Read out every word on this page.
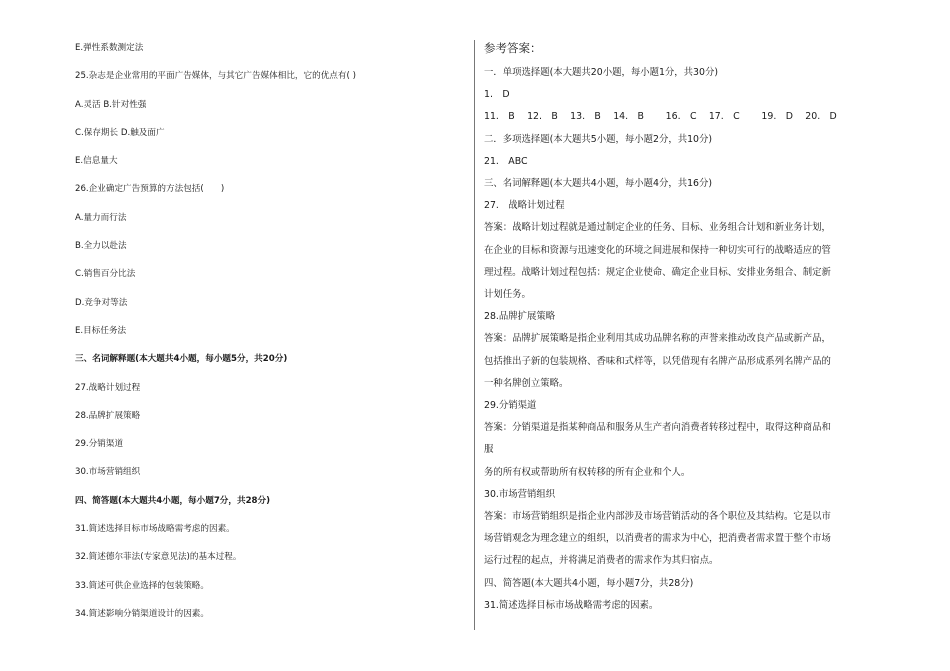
E.弹性系数测定法
25.杂志是企业常用的平面广告媒体，与其它广告媒体相比，它的优点有( )
A.灵活 B.针对性强
C.保存期长 D.触及面广
E.信息量大
26.企业确定广告预算的方法包括(　　)
A.量力而行法
B.全力以赴法
C.销售百分比法
D.竞争对等法
E.目标任务法
三、名词解释题(本大题共4小题，每小题5分，共20分)
27.战略计划过程
28.品牌扩展策略
29.分销渠道
30.市场营销组织
四、简答题(本大题共4小题，每小题7分，共28分)
31.简述选择目标市场战略需考虑的因素。
32.简述德尔菲法(专家意见法)的基本过程。
33.简述可供企业选择的包装策略。
34.简述影响分销渠道设计的因素。
参考答案：
一．单项选择题(本大题共20小题，每小题1分，共30分)
1.　D
11.　B　 12.　B　 13.　B　 14.　B　　 16.　C　 17.　C　　 19.　D　 20.　D
二．多项选择题(本大题共5小题，每小题2分，共10分)
21.　ABC
三、名词解释题(本大题共4小题，每小题4分，共16分)
27.　战略计划过程

答案：战略计划过程就是通过制定企业的任务、目标、业务组合计划和新业务计划，

在企业的目标和资源与迅速变化的环境之间进展和保持一种切实可行的战略适应的管

理过程。战略计划过程包括：规定企业使命、确定企业目标、安排业务组合、制定新

计划任务。

28.品牌扩展策略

答案：品牌扩展策略是指企业利用其成功品牌名称的声誉来推动改良产品或新产品，

包括推出子新的包装规格、香味和式样等，以凭借现有名牌产品形成系列名牌产品的

一种名牌创立策略。

29.分销渠道

答案：分销渠道是指某种商品和服务从生产者向消费者转移过程中，取得这种商品和

服

务的所有权或帮助所有权转移的所有企业和个人。

30.市场营销组织

答案：市场营销组织是指企业内部涉及市场营销活动的各个职位及其结构。它是以市

场营销观念为理念建立的组织，以消费者的需求为中心，把消费者需求置于整个市场

运行过程的起点，并将满足消费者的需求作为其归宿点。

四、简答题(本大题共4小题，每小题7分，共28分)
31.简述选择目标市场战略需考虑的因素。
